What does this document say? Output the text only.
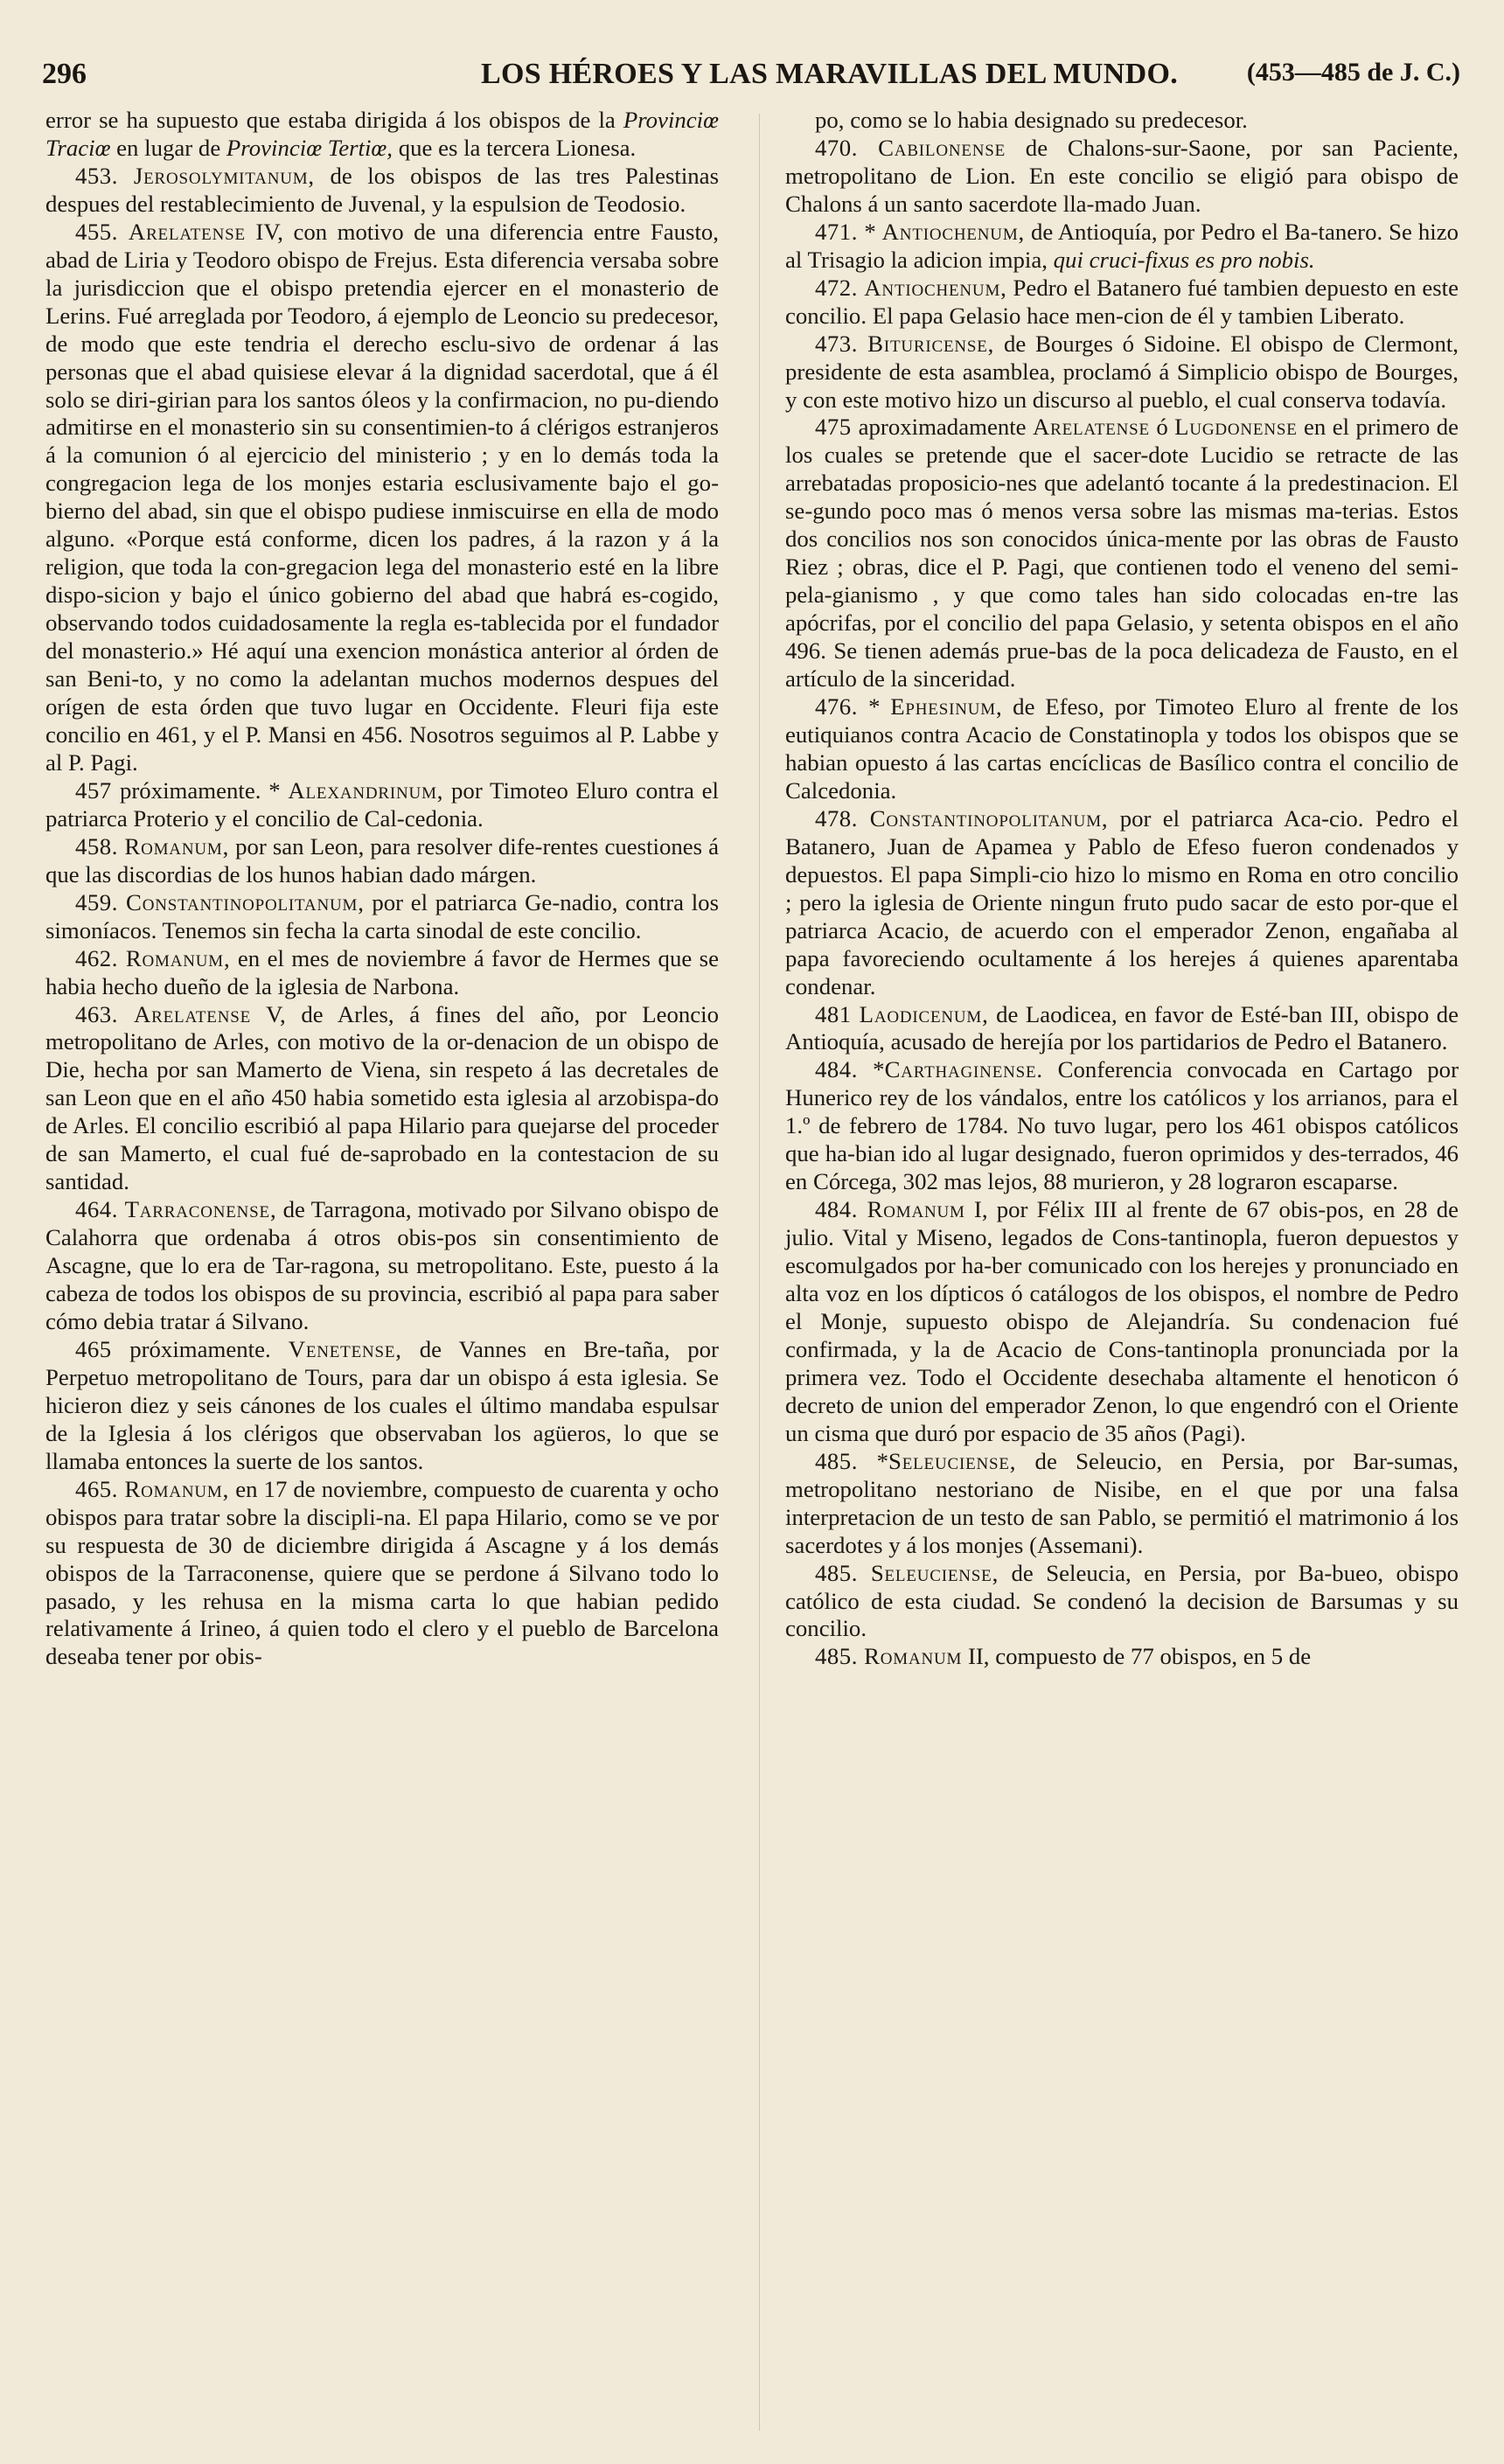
296	LOS HÉROES Y LAS MARAVILLAS DEL MUNDO.	(453—485 de J. C.)

error se ha supuesto que estaba dirigida á los obispos de la Provinciœ Traciœ en lugar de Provinciœ Tertiœ, que es la tercera Lionesa.

453. Jerosolymitanum, de los obispos de las tres Palestinas despues del restablecimiento de Juvenal, y la espulsion de Teodosio.

455. Arelatense IV, con motivo de una diferencia entre Fausto, abad de Liria y Teodoro obispo de Frejus. Esta diferencia versaba sobre la jurisdiccion que el obispo pretendia ejercer en el monasterio de Lerins. Fué arreglada por Teodoro, á ejemplo de Leoncio su predecesor, de modo que este tendria el derecho esclu-sivo de ordenar á las personas que el abad quisiese elevar á la dignidad sacerdotal, que á él solo se diri-girian para los santos óleos y la confirmacion, no pu-diendo admitirse en el monasterio sin su consentimien-to á clérigos estranjeros á la comunion ó al ejercicio del ministerio ; y en lo demás toda la congregacion lega de los monjes estaria esclusivamente bajo el go-bierno del abad, sin que el obispo pudiese inmiscuirse en ella de modo alguno. «Porque está conforme, dicen los padres, á la razon y á la religion, que toda la con-gregacion lega del monasterio esté en la libre dispo-sicion y bajo el único gobierno del abad que habrá es-cogido, observando todos cuidadosamente la regla es-tablecida por el fundador del monasterio.» Hé aquí una exencion monástica anterior al órden de san Beni-to, y no como la adelantan muchos modernos despues del orígen de esta órden que tuvo lugar en Occidente. Fleuri fija este concilio en 461, y el P. Mansi en 456. Nosotros seguimos al P. Labbe y al P. Pagi.

457 próximamente. * Alexandrinum, por Timoteo Eluro contra el patriarca Proterio y el concilio de Cal-cedonia.

458. Romanum, por san Leon, para resolver dife-rentes cuestiones á que las discordias de los hunos habian dado márgen.

459. Constantinopolitanum, por el patriarca Ge-nadio, contra los simoníacos. Tenemos sin fecha la carta sinodal de este concilio.

462. Romanum, en el mes de noviembre á favor de Hermes que se habia hecho dueño de la iglesia de Narbona.

463. Arelatense V, de Arles, á fines del año, por Leoncio metropolitano de Arles, con motivo de la or-denacion de un obispo de Die, hecha por san Mamerto de Viena, sin respeto á las decretales de san Leon que en el año 450 habia sometido esta iglesia al arzobispa-do de Arles. El concilio escribió al papa Hilario para quejarse del proceder de san Mamerto, el cual fué de-saprobado en la contestacion de su santidad.

464. Tarraconense, de Tarragona, motivado por Silvano obispo de Calahorra que ordenaba á otros obis-pos sin consentimiento de Ascagne, que lo era de Tar-ragona, su metropolitano. Este, puesto á la cabeza de todos los obispos de su provincia, escribió al papa para saber cómo debia tratar á Silvano.

465 próximamente. Venetense, de Vannes en Bre-taña, por Perpetuo metropolitano de Tours, para dar un obispo á esta iglesia. Se hicieron diez y seis cánones de los cuales el último mandaba espulsar de la Iglesia á los clérigos que observaban los agüeros, lo que se llamaba entonces la suerte de los santos.

465. Romanum, en 17 de noviembre, compuesto de cuarenta y ocho obispos para tratar sobre la discipli-na. El papa Hilario, como se ve por su respuesta de 30 de diciembre dirigida á Ascagne y á los demás obispos de la Tarraconense, quiere que se perdone á Silvano todo lo pasado, y les rehusa en la misma carta lo que habian pedido relativamente á Irineo, á quien todo el clero y el pueblo de Barcelona deseaba tener por obis-

po, como se lo habia designado su predecesor.

470. Cabilonense de Chalons-sur-Saone, por san Paciente, metropolitano de Lion. En este concilio se eligió para obispo de Chalons á un santo sacerdote lla-mado Juan.

471. * Antiochenum, de Antioquía, por Pedro el Ba-tanero. Se hizo al Trisagio la adicion impia, qui cruci-fixus es pro nobis.

472. Antiochenum, Pedro el Batanero fué tambien depuesto en este concilio. El papa Gelasio hace men-cion de él y tambien Liberato.

473. Bituricense, de Bourges ó Sidoine. El obispo de Clermont, presidente de esta asamblea, proclamó á Simplicio obispo de Bourges, y con este motivo hizo un discurso al pueblo, el cual conserva todavía.

475 aproximadamente Arelatense ó Lugdonense en el primero de los cuales se pretende que el sacer-dote Lucidio se retracte de las arrebatadas proposicio-nes que adelantó tocante á la predestinacion. El se-gundo poco mas ó menos versa sobre las mismas ma-terias. Estos dos concilios nos son conocidos única-mente por las obras de Fausto Riez ; obras, dice el P. Pagi, que contienen todo el veneno del semi-pela-gianismo , y que como tales han sido colocadas en-tre las apócrifas, por el concilio del papa Gelasio, y setenta obispos en el año 496. Se tienen además prue-bas de la poca delicadeza de Fausto, en el artículo de la sinceridad.

476. * Ephesinum, de Efeso, por Timoteo Eluro al frente de los eutiquianos contra Acacio de Constatinopla y todos los obispos que se habian opuesto á las cartas encíclicas de Basílico contra el concilio de Calcedonia.

478. Constantinopolitanum, por el patriarca Aca-cio. Pedro el Batanero, Juan de Apamea y Pablo de Efeso fueron condenados y depuestos. El papa Simpli-cio hizo lo mismo en Roma en otro concilio ; pero la iglesia de Oriente ningun fruto pudo sacar de esto por-que el patriarca Acacio, de acuerdo con el emperador Zenon, engañaba al papa favoreciendo ocultamente á los herejes á quienes aparentaba condenar.

481 Laodicenum, de Laodicea, en favor de Esté-ban III, obispo de Antioquía, acusado de herejía por los partidarios de Pedro el Batanero.

484. *Carthaginense. Conferencia convocada en Cartago por Hunerico rey de los vándalos, entre los católicos y los arrianos, para el 1.º de febrero de 1784. No tuvo lugar, pero los 461 obispos católicos que ha-bian ido al lugar designado, fueron oprimidos y des-terrados, 46 en Córcega, 302 mas lejos, 88 murieron, y 28 lograron escaparse.

484. Romanum I, por Félix III al frente de 67 obis-pos, en 28 de julio. Vital y Miseno, legados de Cons-tantinopla, fueron depuestos y escomulgados por ha-ber comunicado con los herejes y pronunciado en alta voz en los dípticos ó catálogos de los obispos, el nombre de Pedro el Monje, supuesto obispo de Alejandría. Su condenacion fué confirmada, y la de Acacio de Cons-tantinopla pronunciada por la primera vez. Todo el Occidente desechaba altamente el henoticon ó decreto de union del emperador Zenon, lo que engendró con el Oriente un cisma que duró por espacio de 35 años (Pagi).

485. *Seleuciense, de Seleucio, en Persia, por Bar-sumas, metropolitano nestoriano de Nisibe, en el que por una falsa interpretacion de un testo de san Pablo, se permitió el matrimonio á los sacerdotes y á los monjes (Assemani).

485. Seleuciense, de Seleucia, en Persia, por Ba-bueo, obispo católico de esta ciudad. Se condenó la decision de Barsumas y su concilio.

485. Romanum II, compuesto de 77 obispos, en 5 de
